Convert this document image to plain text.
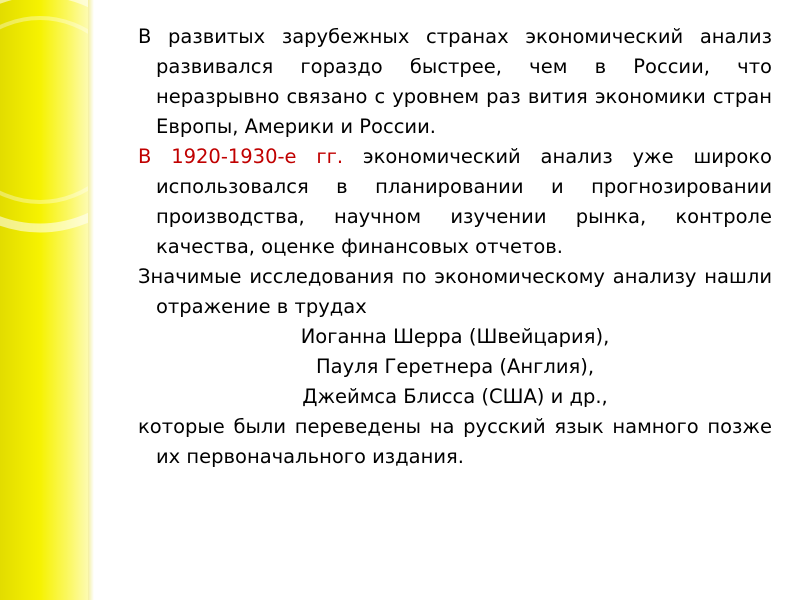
В развитых зарубежных странах экономический анализ развивался гораздо быстрее, чем в России, что неразрывно связано с уровнем раз вития экономики стран Европы, Америки и России.

В 1920-1930-е гг. экономический анализ уже широко использовался в планировании и прогнозировании производства, научном изучении рынка, контроле качества, оценке финансовых отчетов.

Значимые исследования по экономическому анализу нашли отражение в трудах

Иоганна Шерра (Швейцария),

Пауля Геретнера (Англия),

Джеймса Блисса (США) и др.,

которые были переведены на русский язык намного позже их первоначального издания.
